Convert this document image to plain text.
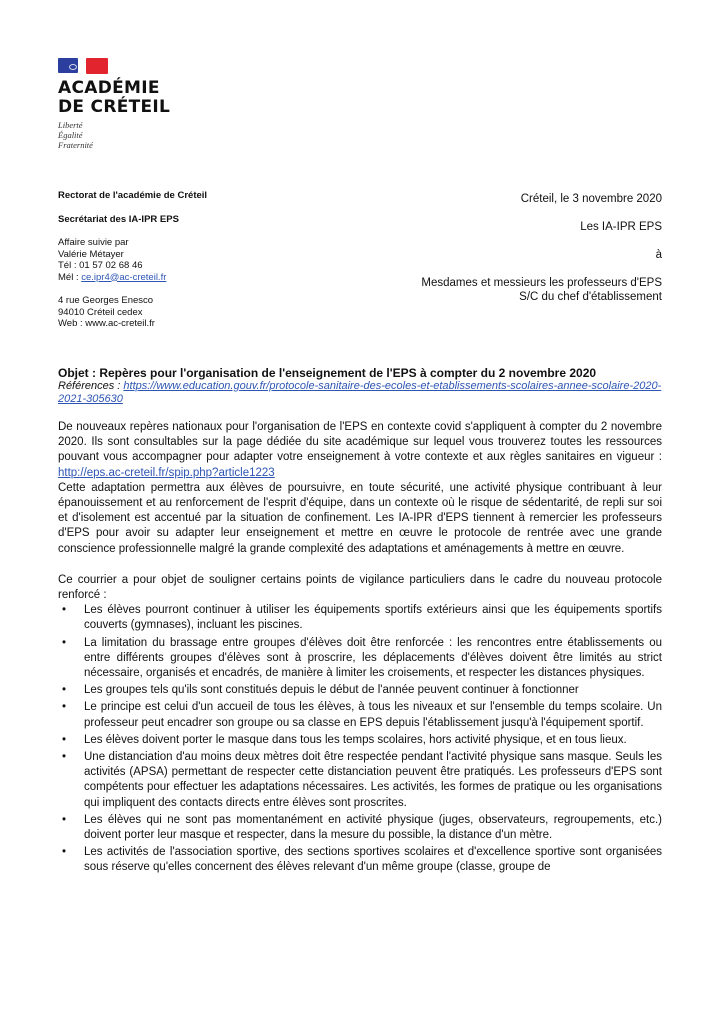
ACADÉMIE
DE CRÉTEIL
Liberté
Égalité
Fraternité
Rectorat de l'académie de Créteil
Secrétariat des IA-IPR EPS
Affaire suivie par
Valérie Métayer
Tél : 01 57 02 68 46
Mél : ce.ipr4@ac-creteil.fr
4 rue Georges Enesco
94010 Créteil cedex
Web : www.ac-creteil.fr
Créteil, le 3 novembre 2020
Les IA-IPR EPS
à
Mesdames et messieurs les professeurs d'EPS
S/C du chef d'établissement
Objet : Repères pour l'organisation de l'enseignement de l'EPS à compter du 2 novembre 2020
Références : https://www.education.gouv.fr/protocole-sanitaire-des-ecoles-et-etablissements-scolaires-annee-scolaire-2020-2021-305630

De nouveaux repères nationaux pour l'organisation de l'EPS en contexte covid s'appliquent à compter du 2 novembre 2020. Ils sont consultables sur la page dédiée du site académique sur lequel vous trouverez toutes les ressources pouvant vous accompagner pour adapter votre enseignement à votre contexte et aux règles sanitaires en vigueur : http://eps.ac-creteil.fr/spip.php?article1223

Cette adaptation permettra aux élèves de poursuivre, en toute sécurité, une activité physique contribuant à leur épanouissement et au renforcement de l'esprit d'équipe, dans un contexte où le risque de sédentarité, de repli sur soi et d'isolement est accentué par la situation de confinement. Les IA-IPR d'EPS tiennent à remercier les professeurs d'EPS pour avoir su adapter leur enseignement et mettre en œuvre le protocole de rentrée avec une grande conscience professionnelle malgré la grande complexité des adaptations et aménagements à mettre en œuvre.

Ce courrier a pour objet de souligner certains points de vigilance particuliers dans le cadre du nouveau protocole renforcé :

• Les élèves pourront continuer à utiliser les équipements sportifs extérieurs ainsi que les équipements sportifs couverts (gymnases), incluant les piscines.
• La limitation du brassage entre groupes d'élèves doit être renforcée : les rencontres entre établissements ou entre différents groupes d'élèves sont à proscrire, les déplacements d'élèves doivent être limités au strict nécessaire, organisés et encadrés, de manière à limiter les croisements, et respecter les distances physiques.
• Les groupes tels qu'ils sont constitués depuis le début de l'année peuvent continuer à fonctionner
• Le principe est celui d'un accueil de tous les élèves, à tous les niveaux et sur l'ensemble du temps scolaire. Un professeur peut encadrer son groupe ou sa classe en EPS depuis l'établissement jusqu'à l'équipement sportif.
• Les élèves doivent porter le masque dans tous les temps scolaires, hors activité physique, et en tous lieux.
• Une distanciation d'au moins deux mètres doit être respectée pendant l'activité physique sans masque. Seuls les activités (APSA) permettant de respecter cette distanciation peuvent être pratiqués. Les professeurs d'EPS sont compétents pour effectuer les adaptations nécessaires. Les activités, les formes de pratique ou les organisations qui impliquent des contacts directs entre élèves sont proscrites.
• Les élèves qui ne sont pas momentanément en activité physique (juges, observateurs, regroupements, etc.) doivent porter leur masque et respecter, dans la mesure du possible, la distance d'un mètre.
• Les activités de l'association sportive, des sections sportives scolaires et d'excellence sportive sont organisées sous réserve qu'elles concernent des élèves relevant d'un même groupe (classe, groupe de
